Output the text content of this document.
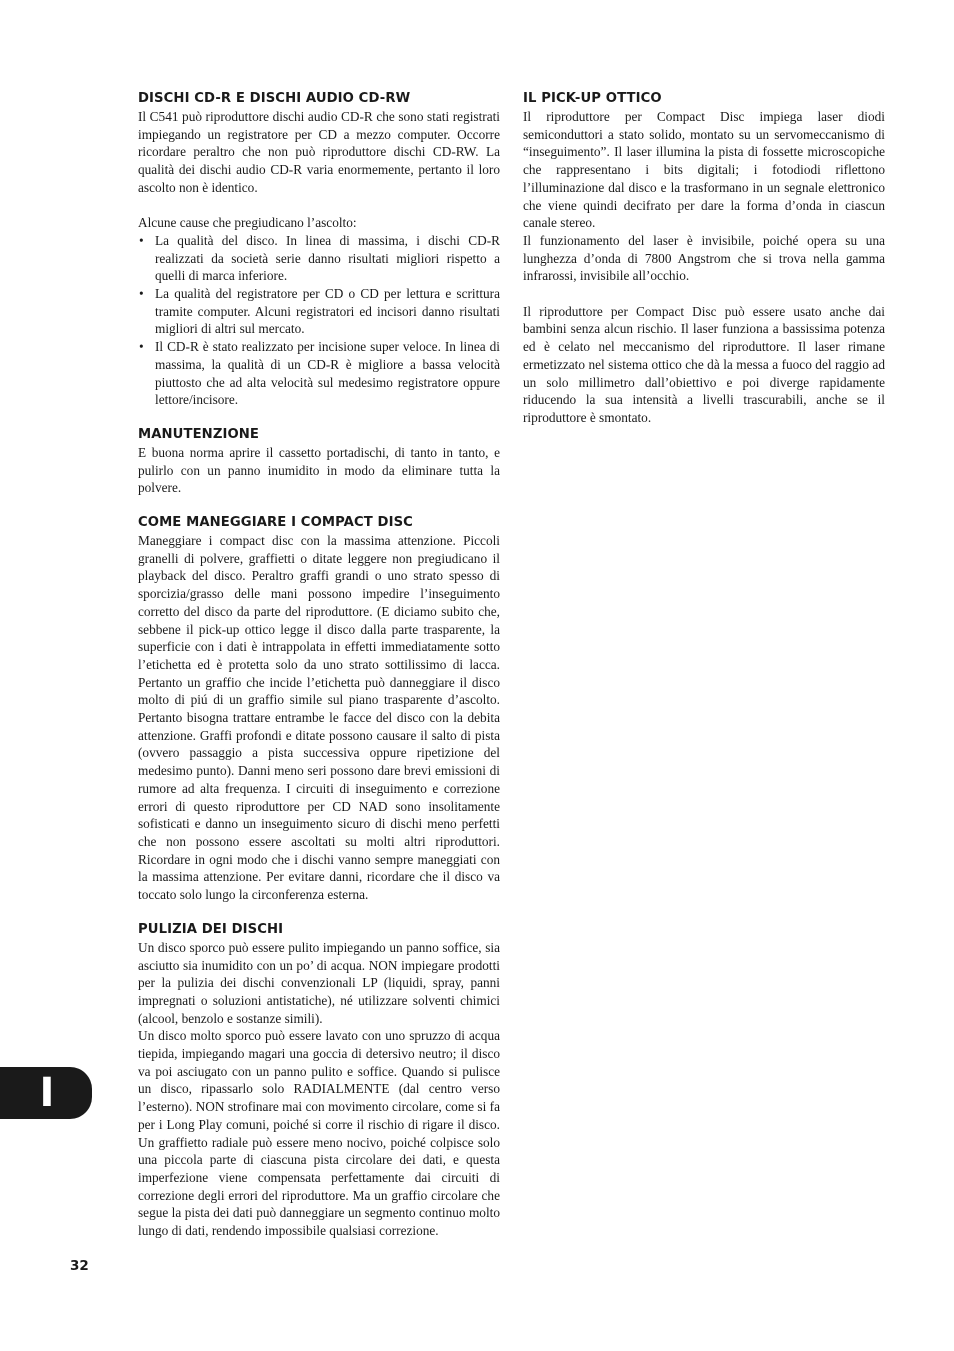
DISCHI CD-R E DISCHI AUDIO CD-RW

Il C541 può riproduttore dischi audio CD-R che sono stati registrati impiegando un registratore per CD a mezzo computer. Occorre ricordare peraltro che non può riproduttore dischi CD-RW. La qualità dei dischi audio CD-R varia enormemente, pertanto il loro ascolto non è identico.

Alcune cause che pregiudicano l’ascolto:

• La qualità del disco. In linea di massima, i dischi CD-R realizzati da società serie danno risultati migliori rispetto a quelli di marca inferiore.
• La qualità del registratore per CD o CD per lettura e scrittura tramite computer. Alcuni registratori ed incisori danno risultati migliori di altri sul mercato.
• Il CD-R è stato realizzato per incisione super veloce. In linea di massima, la qualità di un CD-R è migliore a bassa velocità piuttosto che ad alta velocità sul medesimo registratore oppure lettore/incisore.
MANUTENZIONE

E buona norma aprire il cassetto portadischi, di tanto in tanto, e pulirlo con un panno inumidito in modo da eliminare tutta la polvere.

COME MANEGGIARE I COMPACT DISC

Maneggiare i compact disc con la massima attenzione. Piccoli granelli di polvere, graffietti o ditate leggere non pregiudicano il playback del disco. Peraltro graffi grandi o uno strato spesso di sporcizia/grasso delle mani possono impedire l’inseguimento corretto del disco da parte del riproduttore. (E diciamo subito che, sebbene il pick-up ottico legge il disco dalla parte trasparente, la superficie con i dati è intrappolata in effetti immediatamente sotto l’etichetta ed è protetta solo da uno strato sottilissimo di lacca. Pertanto un graffio che incide l’etichetta può danneggiare il disco molto di piú di un graffio simile sul piano trasparente d’ascolto. Pertanto bisogna trattare entrambe le facce del disco con la debita attenzione. Graffi profondi e ditate possono causare il salto di pista (ovvero passaggio a pista successiva oppure ripetizione del medesimo punto). Danni meno seri possono dare brevi emissioni di rumore ad alta frequenza. I circuiti di inseguimento e correzione errori di questo riproduttore per CD NAD sono insolitamente sofisticati e danno un inseguimento sicuro di dischi meno perfetti che non possono essere ascoltati su molti altri riproduttori. Ricordare in ogni modo che i dischi vanno sempre maneggiati con la massima attenzione. Per evitare danni, ricordare che il disco va toccato solo lungo la circonferenza esterna.

PULIZIA DEI DISCHI

Un disco sporco può essere pulito impiegando un panno soffice, sia asciutto sia inumidito con un po’ di acqua. NON impiegare prodotti per la pulizia dei dischi convenzionali LP (liquidi, spray, panni impregnati o soluzioni antistatiche), né utilizzare solventi chimici (alcool, benzolo e sostanze simili).

Un disco molto sporco può essere lavato con uno spruzzo di acqua tiepida, impiegando magari una goccia di detersivo neutro; il disco va poi asciugato con un panno pulito e soffice. Quando si pulisce un disco, ripassarlo solo RADIALMENTE (dal centro verso l’esterno). NON strofinare mai con movimento circolare, come si fa per i Long Play comuni, poiché si corre il rischio di rigare il disco. Un graffietto radiale può essere meno nocivo, poiché colpisce solo una piccola parte di ciascuna pista circolare dei dati, e questa imperfezione viene compensata perfettamente dai circuiti di correzione degli errori del riproduttore. Ma un graffio circolare che segue la pista dei dati può danneggiare un segmento continuo molto lungo di dati, rendendo impossibile qualsiasi correzione.

IL PICK-UP OTTICO

Il riproduttore per Compact Disc impiega laser diodi semiconduttori a stato solido, montato su un servomeccanismo di “inseguimento”. Il laser illumina la pista di fossette microscopiche che rappresentano i bits digitali; i fotodiodi riflettono l’illuminazione dal disco e la trasformano in un segnale elettronico che viene quindi decifrato per dare la forma d’onda in ciascun canale stereo.

Il funzionamento del laser è invisibile, poiché opera su una lunghezza d’onda di 7800 Angstrom che si trova nella gamma infrarossi, invisibile all’occhio.

Il riproduttore per Compact Disc può essere usato anche dai bambini senza alcun rischio. Il laser funziona a bassissima potenza ed è celato nel meccanismo del riproduttore. Il laser rimane ermetizzato nel sistema ottico che dà la messa a fuoco del raggio ad un solo millimetro dall’obiettivo e poi diverge rapidamente riducendo la sua intensità a livelli trascurabili, anche se il riproduttore è smontato.

I
32
